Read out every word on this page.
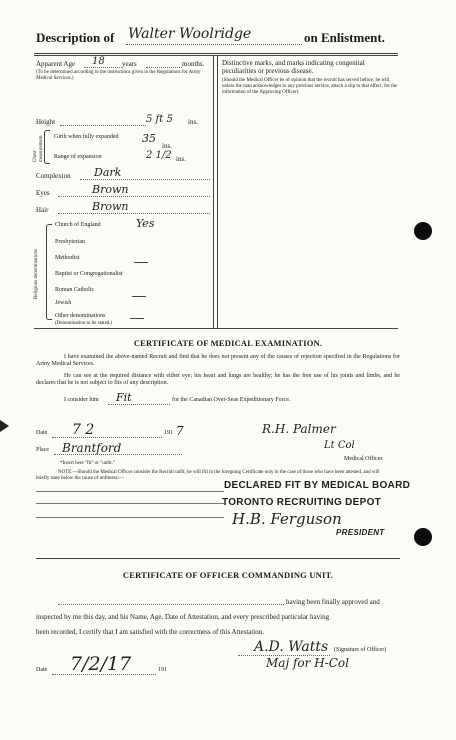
Description of Walter Woolridge	on Enlistment.
Apparent Age 18 years	months.
(To be determined according to the instructions given in the Regulations for Army Medical Services.)
Height	5 ft 5 ins.
Chest measurement Girth when fully expanded	35
ins.
Range of expansion	2 1/2 ins.
Complexion Dark
Eyes	Brown
Hair	Brown
Religious denominations
Church of England	Yes
Presbyterian
Methodist
Baptist or Congregationalist
Roman Catholic
Jewish
Other denominations
(Denomination to be stated.)
Distinctive marks, and marks indicating congenital peculiarities or previous disease.
(Should the Medical Officer be of opinion that the recruit has served before, he will, unless the man acknowledges to any previous service, attach a slip to that effect, for the information of the Approving Officer).
CERTIFICATE OF MEDICAL EXAMINATION.
I have examined the above-named Recruit and find that he does not present any of the causes of rejection specified in the Regulations for Army Medical Services.
He can see at the required distance with either eye; his heart and lungs are healthy; he has the free use of his joints and limbs, and he declares that he is not subject to fits of any description.
I consider him Fit	for the Canadian Over-Seas Expeditionary Force.
Date 7 2	191 7
Place Brantford
R.H. Palmer
Lt Col
Medical Officer.
*Insert here "fit" or "unfit."
NOTE.—Should the Medical Officer consider the Recruit unfit, he will fill in the foregoing Certificate only in the case of those who have been attested, and will briefly state below the cause of unfitness:—
DECLARED FIT BY MEDICAL BOARD
TORONTO RECRUITING DEPOT
H.B. Ferguson
PRESIDENT
CERTIFICATE OF OFFICER COMMANDING UNIT.
having been finally approved and
inspected by me this day, and his Name, Age, Date of Attestation, and every prescribed particular having
been recorded, I certify that I am satisfied with the correctness of this Attestation.
A.D. Watts (Signature of Officer)
Maj for H-Col
Date 7/2/17	191
